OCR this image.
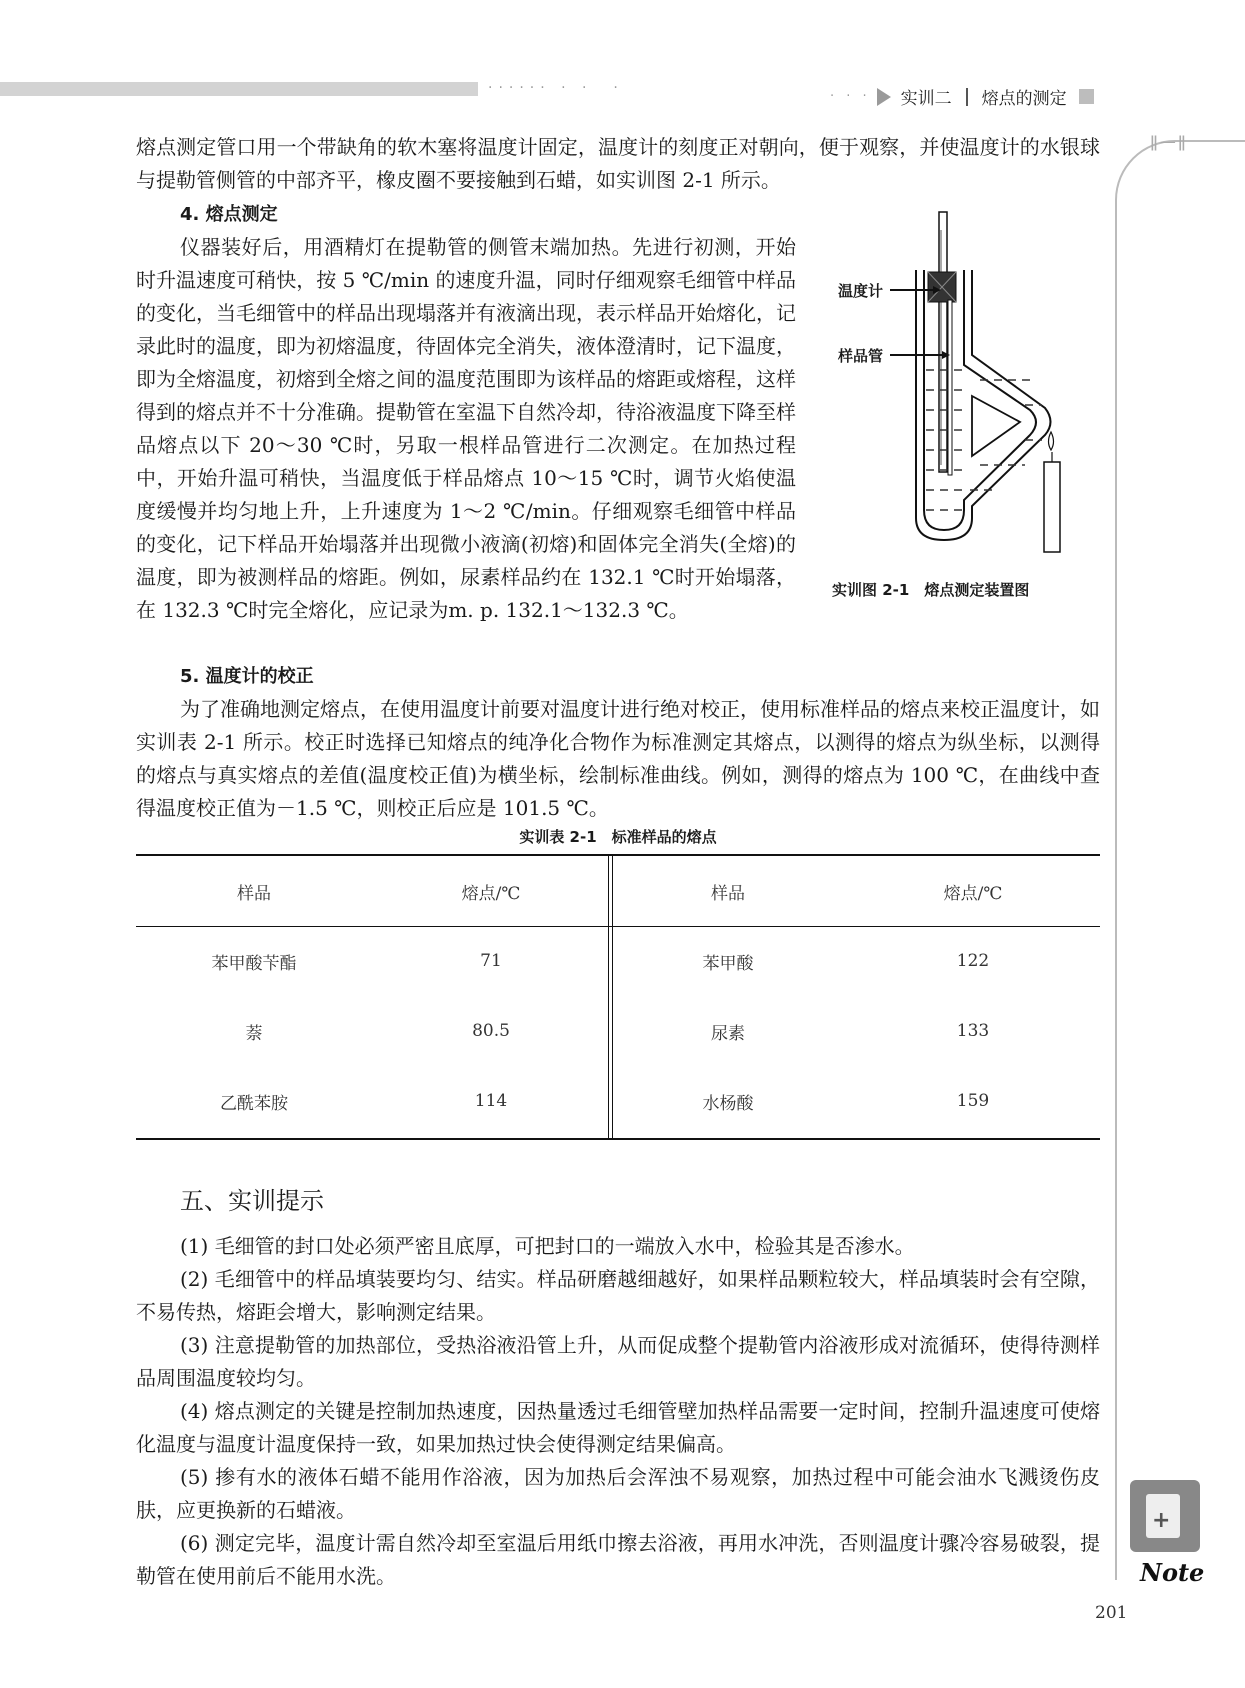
······ · ·  ·
· · · 实训二 熔点的测定
ǁ—ǁ
+
Note

熔点测定管口用一个带缺角的软木塞将温度计固定，温度计的刻度正对朝向，便于观察，并使温度计的水银球与提勒管侧管的中部齐平，橡皮圈不要接触到石蜡，如实训图 2-1 所示。

4. 熔点测定

仪器装好后，用酒精灯在提勒管的侧管末端加热。先进行初测，开始时升温速度可稍快，按 5 ℃/min 的速度升温，同时仔细观察毛细管中样品的变化，当毛细管中的样品出现塌落并有液滴出现，表示样品开始熔化，记录此时的温度，即为初熔温度，待固体完全消失，液体澄清时，记下温度，即为全熔温度，初熔到全熔之间的温度范围即为该样品的熔距或熔程，这样得到的熔点并不十分准确。提勒管在室温下自然冷却，待浴液温度下降至样品熔点以下 20～30 ℃时，另取一根样品管进行二次测定。在加热过程中，开始升温可稍快，当温度低于样品熔点 10～15 ℃时，调节火焰使温度缓慢并均匀地上升，上升速度为 1～2 ℃/min。仔细观察毛细管中样品的变化，记下样品开始塌落并出现微小液滴(初熔)和固体完全消失(全熔)的温度，即为被测样品的熔距。例如，尿素样品约在 132.1 ℃时开始塌落，在 132.3 ℃时完全熔化，应记录为m. p. 132.1～132.3 ℃。

温度计
样品管
实训图 2-1　熔点测定装置图
5. 温度计的校正

为了准确地测定熔点，在使用温度计前要对温度计进行绝对校正，使用标准样品的熔点来校正温度计，如实训表 2-1 所示。校正时选择已知熔点的纯净化合物作为标准测定其熔点，以测得的熔点为纵坐标，以测得的熔点与真实熔点的差值(温度校正值)为横坐标，绘制标准曲线。例如，测得的熔点为 100 ℃，在曲线中查得温度校正值为－1.5 ℃，则校正后应是 101.5 ℃。

实训表 2-1　标准样品的熔点
样品	熔点/℃	样品	熔点/℃
苯甲酸苄酯	71	苯甲酸	122
萘	80.5	尿素	133
乙酰苯胺	114	水杨酸	159
五、实训提示

(1) 毛细管的封口处必须严密且底厚，可把封口的一端放入水中，检验其是否渗水。

(2) 毛细管中的样品填装要均匀、结实。样品研磨越细越好，如果样品颗粒较大，样品填装时会有空隙，不易传热，熔距会增大，影响测定结果。

(3) 注意提勒管的加热部位，受热浴液沿管上升，从而促成整个提勒管内浴液形成对流循环，使得待测样品周围温度较均匀。

(4) 熔点测定的关键是控制加热速度，因热量透过毛细管壁加热样品需要一定时间，控制升温速度可使熔化温度与温度计温度保持一致，如果加热过快会使得测定结果偏高。

(5) 掺有水的液体石蜡不能用作浴液，因为加热后会浑浊不易观察，加热过程中可能会油水飞溅烫伤皮肤，应更换新的石蜡液。

(6) 测定完毕，温度计需自然冷却至室温后用纸巾擦去浴液，再用水冲洗，否则温度计骤冷容易破裂，提勒管在使用前后不能用水洗。

201
